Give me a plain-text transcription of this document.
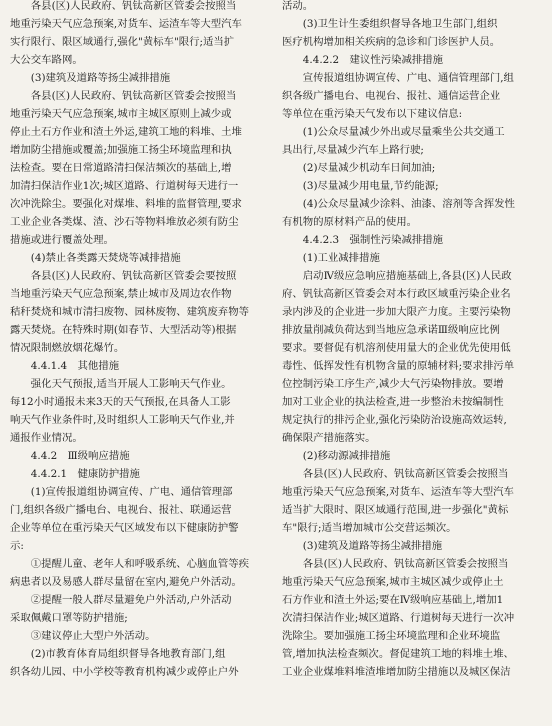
各县(区)人民政府、钒钛高新区管委会按照当
地重污染天气应急预案,对货车、运渣车等大型汽车
实行限行、限区域通行,强化"黄标车"限行;适当扩
大公交车路网。
(3)建筑及道路等扬尘减排措施
各县(区)人民政府、钒钛高新区管委会按照当
地重污染天气应急预案,城市主城区原则上减少或
停止土石方作业和渣土外运,建筑工地的料堆、土堆
增加防尘措施或覆盖;加强施工扬尘环境监理和执
法检查。要在日常道路清扫保洁频次的基础上,增
加清扫保洁作业1次;城区道路、行道树每天进行一
次冲洗除尘。要强化对煤堆、料堆的监督管理,要求
工业企业各类煤、渣、沙石等物料堆放必须有防尘
措施或进行覆盖处理。
(4)禁止各类露天焚烧等减排措施
各县(区)人民政府、钒钛高新区管委会要按照
当地重污染天气应急预案,禁止城市及周边农作物
秸秆焚烧和城市清扫废物、园林废物、建筑废弃物等
露天焚烧。在特殊时期(如春节、大型活动等)根据
情况限制燃放烟花爆竹。
4.4.1.4　其他措施
强化天气预报,适当开展人工影响天气作业。
每12小时通报未来3天的天气预报,在具备人工影
响天气作业条件时,及时组织人工影响天气作业,并
通报作业情况。
4.4.2　Ⅲ级响应措施
4.4.2.1　健康防护措施
(1)宣传报道组协调宣传、广电、通信管理部
门,组织各级广播电台、电视台、报社、联通运营
企业等单位在重污染天气区域发布以下健康防护警
示:
①提醒儿童、老年人和呼吸系统、心脑血管等疾
病患者以及易感人群尽量留在室内,避免户外活动。
②提醒一般人群尽量避免户外活动,户外活动
采取佩戴口罩等防护措施;
③建议停止大型户外活动。
(2)市教育体育局组织督导各地教育部门,组
织各幼儿园、中小学校等教育机构减少或停止户外
活动。
(3)卫生计生委组织督导各地卫生部门,组织
医疗机构增加相关疾病的急诊和门诊医护人员。
4.4.2.2　建议性污染减排措施
宣传报道组协调宣传、广电、通信管理部门,组
织各级广播电台、电视台、报社、通信运营企业
等单位在重污染天气发布以下建议信息:
(1)公众尽量减少外出或尽量乘坐公共交通工
具出行,尽量减少汽车上路行驶;
(2)尽量减少机动车日间加油;
(3)尽量减少用电量,节约能源;
(4)公众尽量减少涂料、油漆、溶剂等含挥发性
有机物的原材料产品的使用。
4.4.2.3　强制性污染减排措施
(1)工业减排措施
启动Ⅳ级应急响应措施基础上,各县(区)人民政
府、钒钛高新区管委会对本行政区域重污染企业名
录内涉及的企业进一步加大限产力度。主要污染物
排放量削减负荷达到当地应急承诺Ⅲ级响应比例
要求。要督促有机溶剂使用量大的企业优先使用低
毒性、低挥发性有机物含量的原辅材料;要求排污单
位控制污染工序生产,减少大气污染物排放。要增
加对工业企业的执法检查,进一步整治未按编制性
规定执行的排污企业,强化污染防治设施高效运转,
确保限产措施落实。
(2)移动源减排措施
各县(区)人民政府、钒钛高新区管委会按照当
地重污染天气应急预案,对货车、运渣车等大型汽车
适当扩大限时、限区域通行范围,进一步强化"黄标
车"限行;适当增加城市公交营运频次。
(3)建筑及道路等扬尘减排措施
各县(区)人民政府、钒钛高新区管委会按照当
地重污染天气应急预案,城市主城区减少或停止土
石方作业和渣土外运;要在Ⅳ级响应基础上,增加1
次清扫保洁作业;城区道路、行道树每天进行一次冲
洗除尘。要加强施工扬尘环境监理和企业环境监
管,增加执法检查频次。督促建筑工地的料堆土堆、
工业企业煤堆料堆渣堆增加防尘措施以及城区保洁
